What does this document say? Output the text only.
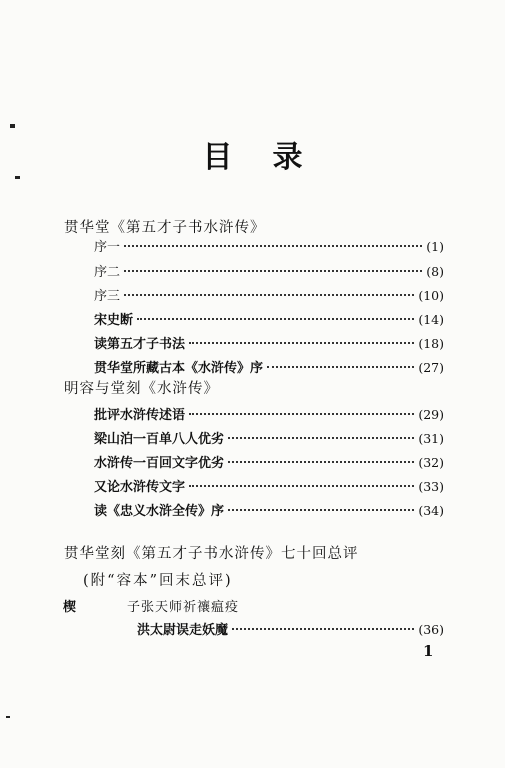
目录
贯华堂《第五才子书水浒传》
序一	(1)
序二	(8)
序三	(10)
宋史断	(14)
读第五才子书法	(18)
贯华堂所藏古本《水浒传》序	(27)
明容与堂刻《水浒传》
批评水浒传述语	(29)
梁山泊一百单八人优劣	(31)
水浒传一百回文字优劣	(32)
又论水浒传文字	(33)
读《忠义水浒全传》序	(34)
贯华堂刻《第五才子书水浒传》七十回总评
(附“容本”回末总评)
楔	子张天师祈禳瘟疫
洪太尉误走妖魔	(36)
1
